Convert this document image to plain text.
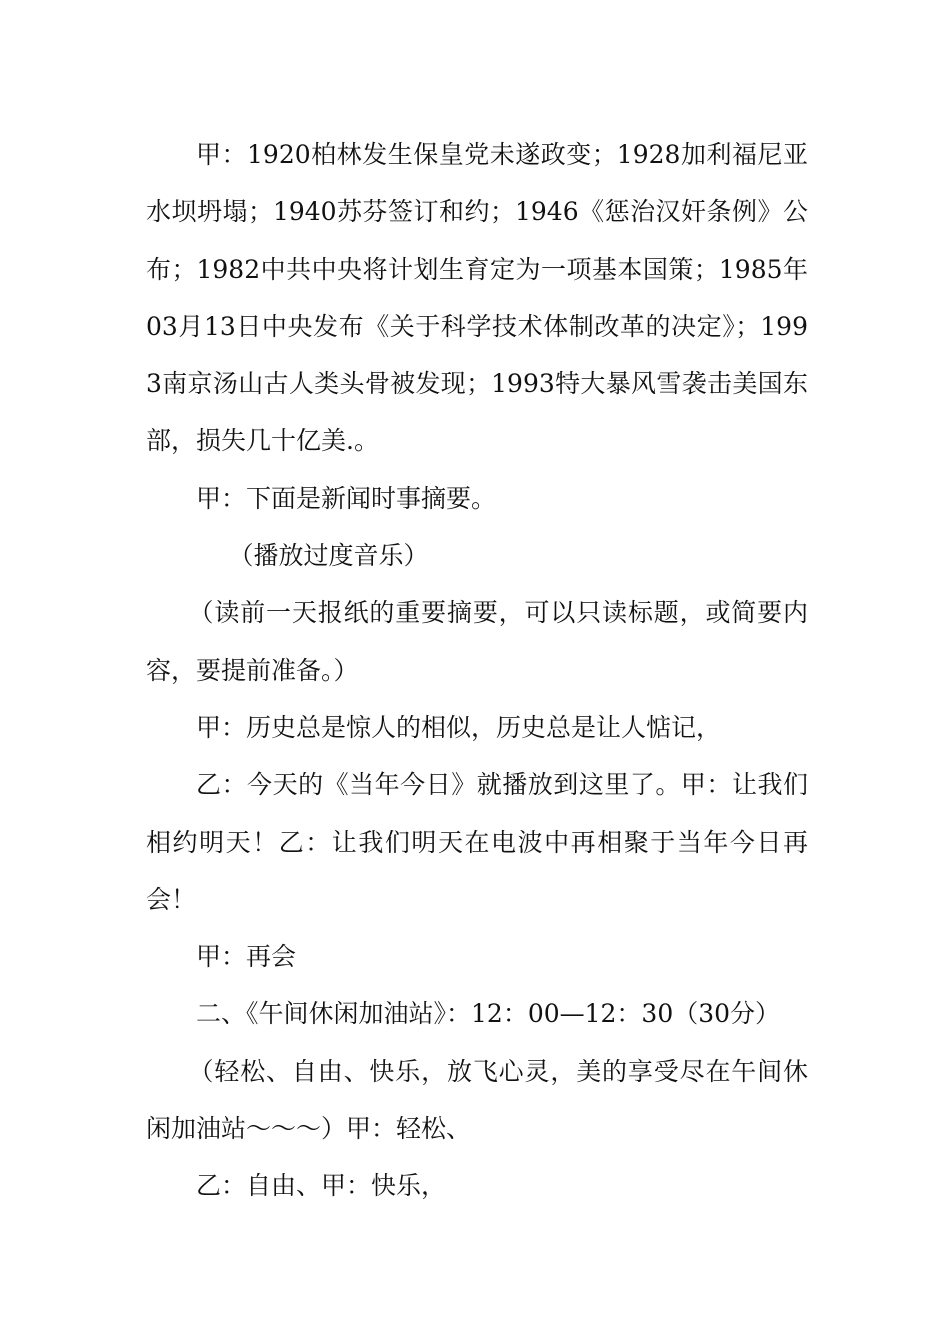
甲：1920柏林发生保皇党未遂政变；1928加利福尼亚水坝坍塌；1940苏芬签订和约；1946《惩治汉奸条例》公布；1982中共中央将计划生育定为一项基本国策；1985年03月13日中央发布《关于科学技术体制改革的决定》；1993南京汤山古人类头骨被发现；1993特大暴风雪袭击美国东部，损失几十亿美.。

甲：下面是新闻时事摘要。

（播放过度音乐）

（读前一天报纸的重要摘要，可以只读标题，或简要内容，要提前准备。）

甲：历史总是惊人的相似，历史总是让人惦记，

乙：今天的《当年今日》就播放到这里了。甲：让我们相约明天！乙：让我们明天在电波中再相聚于当年今日再会！

甲：再会

二、《午间休闲加油站》：12：00—12：30（30分）

（轻松、自由、快乐，放飞心灵，美的享受尽在午间休闲加油站～～～）甲：轻松、

乙：自由、甲：快乐，
